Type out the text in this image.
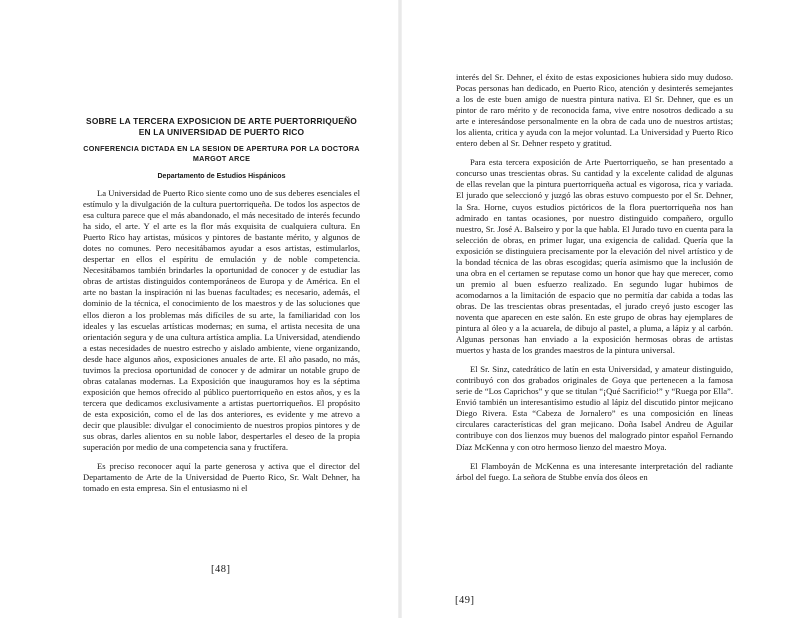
SOBRE LA TERCERA EXPOSICION DE ARTE PUERTORRIQUEÑO EN LA UNIVERSIDAD DE PUERTO RICO
CONFERENCIA DICTADA EN LA SESION DE APERTURA POR LA DOCTORA MARGOT ARCE
Departamento de Estudios Hispánicos

La Universidad de Puerto Rico siente como uno de sus deberes esenciales el estímulo y la divulgación de la cultura puertorriqueña. De todos los aspectos de esa cultura parece que el más abandonado, el más necesitado de interés fecundo ha sido, el arte. Y el arte es la flor más exquisita de cualquiera cultura. En Puerto Rico hay artistas, músicos y pintores de bastante mérito, y algunos de dotes no comunes. Pero necesitábamos ayudar a esos artistas, estimularlos, despertar en ellos el espíritu de emulación y de noble competencia. Necesitábamos también brindarles la oportunidad de conocer y de estudiar las obras de artistas distinguidos contemporáneos de Europa y de América. En el arte no bastan la inspiración ni las buenas facultades; es necesario, además, el dominio de la técnica, el conocimiento de los maestros y de las soluciones que ellos dieron a los problemas más difíciles de su arte, la familiaridad con los ideales y las escuelas artísticas modernas; en suma, el artista necesita de una orientación segura y de una cultura artística amplia. La Universidad, atendiendo a estas necesidades de nuestro estrecho y aislado ambiente, viene organizando, desde hace algunos años, exposiciones anuales de arte. El año pasado, no más, tuvimos la preciosa oportunidad de conocer y de admirar un notable grupo de obras catalanas modernas. La Exposición que inauguramos hoy es la séptima exposición que hemos ofrecido al público puertorriqueño en estos años, y es la tercera que dedicamos exclusivamente a artistas puertorriqueños. El propósito de esta exposición, como el de las dos anteriores, es evidente y me atrevo a decir que plausible: divulgar el conocimiento de nuestros propios pintores y de sus obras, darles alientos en su noble labor, despertarles el deseo de la propia superación por medio de una competencia sana y fructífera.

Es preciso reconocer aquí la parte generosa y activa que el director del Departamento de Arte de la Universidad de Puerto Rico, Sr. Walt Dehner, ha tomado en esta empresa. Sin el entusiasmo ni el

[48]

interés del Sr. Dehner, el éxito de estas exposiciones hubiera sido muy dudoso. Pocas personas han dedicado, en Puerto Rico, atención y desinterés semejantes a los de este buen amigo de nuestra pintura nativa. El Sr. Dehner, que es un pintor de raro mérito y de reconocida fama, vive entre nosotros dedicado a su arte e interesándose personalmente en la obra de cada uno de nuestros artistas; los alienta, critica y ayuda con la mejor voluntad. La Universidad y Puerto Rico entero deben al Sr. Dehner respeto y gratitud.

Para esta tercera exposición de Arte Puertorriqueño, se han presentado a concurso unas trescientas obras. Su cantidad y la excelente calidad de algunas de ellas revelan que la pintura puertorriqueña actual es vigorosa, rica y variada. El jurado que seleccionó y juzgó las obras estuvo compuesto por el Sr. Dehner, la Sra. Horne, cuyos estudios pictóricos de la flora puertorriqueña nos han admirado en tantas ocasiones, por nuestro distinguido compañero, orgullo nuestro, Sr. José A. Balseiro y por la que habla. El Jurado tuvo en cuenta para la selección de obras, en primer lugar, una exigencia de calidad. Quería que la exposición se distinguiera precisamente por la elevación del nivel artístico y de la bondad técnica de las obras escogidas; quería asimismo que la inclusión de una obra en el certamen se reputase como un honor que hay que merecer, como un premio al buen esfuerzo realizado. En segundo lugar hubimos de acomodarnos a la limitación de espacio que no permitía dar cabida a todas las obras. De las trescientas obras presentadas, el jurado creyó justo escoger las noventa que aparecen en este salón. En este grupo de obras hay ejemplares de pintura al óleo y a la acuarela, de dibujo al pastel, a pluma, a lápiz y al carbón. Algunas personas han enviado a la exposición hermosas obras de artistas muertos y hasta de los grandes maestros de la pintura universal.

El Sr. Sinz, catedrático de latín en esta Universidad, y amateur distinguido, contribuyó con dos grabados originales de Goya que pertenecen a la famosa serie de “Los Caprichos” y que se titulan “¡Qué Sacrificio!” y “Ruega por Ella”. Envió también un interesantísimo estudio al lápiz del discutido pintor mejicano Diego Rivera. Esta “Cabeza de Jornalero” es una composición en líneas circulares características del gran mejicano. Doña Isabel Andreu de Aguilar contribuye con dos lienzos muy buenos del malogrado pintor español Fernando Díaz McKenna y con otro hermoso lienzo del maestro Moya.

El Flamboyán de McKenna es una interesante interpretación del radiante árbol del fuego. La señora de Stubbe envía dos óleos en

[49]
